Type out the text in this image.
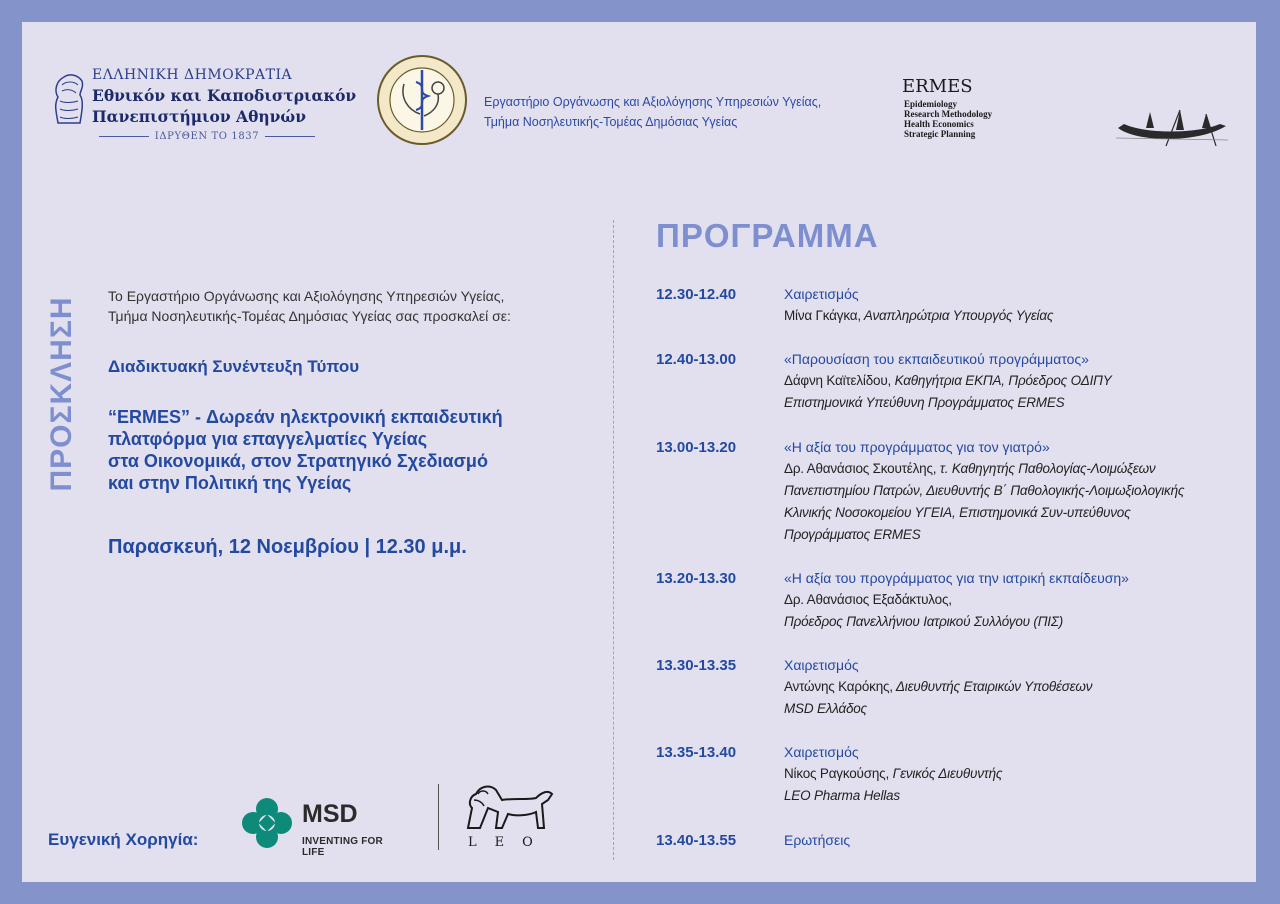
ΕΛΛΗΝΙΚΗ ΔΗΜΟΚΡΑΤΙΑ
Εθνικόν και Καποδιστριακόν
Πανεπιστήμιον Αθηνών
ΙΔΡΥΘΕΝ ΤΟ 1837
Εργαστήριο Οργάνωσης και Αξιολόγησης Υπηρεσιών Υγείας,
Τμήμα Νοσηλευτικής-Τομέας Δημόσιας Υγείας
ERMES
Epidemiology
Research Methodology
Health Economics
Strategic Planning
ΠΡΟΣΚΛΗΣΗ
Το Εργαστήριο Οργάνωσης και Αξιολόγησης Υπηρεσιών Υγείας,
Τμήμα Νοσηλευτικής-Τομέας Δημόσιας Υγείας σας προσκαλεί σε:
Διαδικτυακή Συνέντευξη Τύπου
“ERMES” - Δωρεάν ηλεκτρονική εκπαιδευτική
πλατφόρμα για επαγγελματίες Υγείας
στα Οικονομικά, στον Στρατηγικό Σχεδιασμό
και στην Πολιτική της Υγείας
Παρασκευή, 12 Νοεμβρίου | 12.30 μ.μ.
Ευγενική Χορηγία:
MSD
INVENTING FOR LIFE
LEO
ΠΡΟΓΡΑΜΜΑ
12.30-12.40	Χαιρετισμός
Μίνα Γκάγκα, Αναπληρώτρια Υπουργός Υγείας
12.40-13.00	«Παρουσίαση του εκπαιδευτικού προγράμματος»
Δάφνη Καϊτελίδου, Καθηγήτρια ΕΚΠΑ, Πρόεδρος ΟΔΙΠΥ
Επιστημονικά Υπεύθυνη Προγράμματος ERMES
13.00-13.20	«Η αξία του προγράμματος για τον γιατρό»
Δρ. Αθανάσιος Σκουτέλης, τ. Καθηγητής Παθολογίας-Λοιμώξεων
Πανεπιστημίου Πατρών, Διευθυντής Β΄ Παθολογικής-Λοιμωξιολογικής
Κλινικής Νοσοκομείου ΥΓΕΙΑ, Επιστημονικά Συν-υπεύθυνος
Προγράμματος ERMES
13.20-13.30	«Η αξία του προγράμματος για την ιατρική εκπαίδευση»
Δρ. Αθανάσιος Εξαδάκτυλος,
Πρόεδρος Πανελλήνιου Ιατρικού Συλλόγου (ΠΙΣ)
13.30-13.35	Χαιρετισμός
Αντώνης Καρόκης, Διευθυντής Εταιρικών Υποθέσεων
MSD Ελλάδος
13.35-13.40	Χαιρετισμός
Νίκος Ραγκούσης, Γενικός Διευθυντής
LEO Pharma Hellas
13.40-13.55	Ερωτήσεις
